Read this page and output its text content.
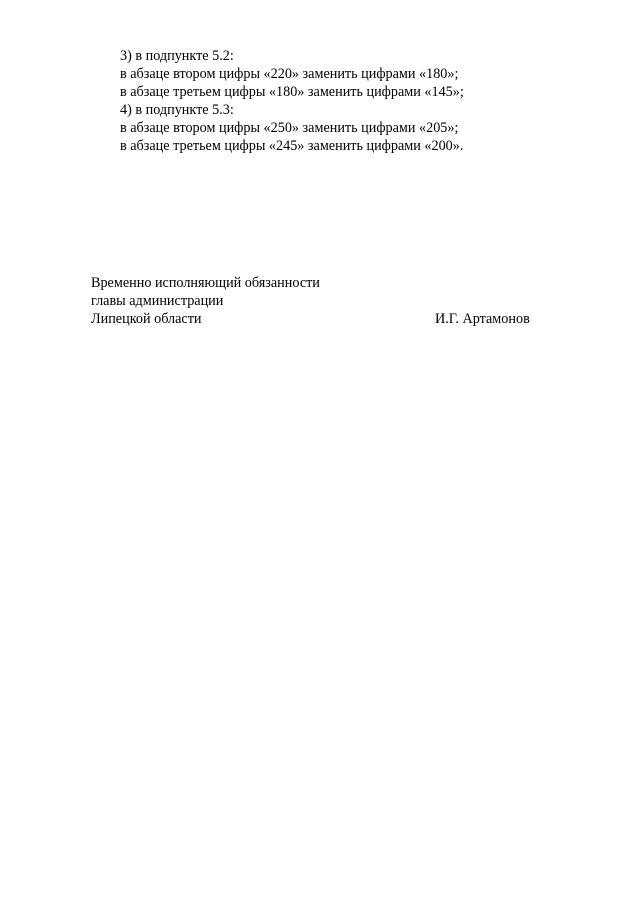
3) в подпункте 5.2:
в абзаце втором цифры «220» заменить цифрами «180»;
в абзаце третьем цифры «180» заменить цифрами «145»;
4) в подпункте 5.3:
в абзаце втором цифры «250» заменить цифрами «205»;
в абзаце третьем цифры «245» заменить цифрами «200».
Временно исполняющий обязанности
главы администрации
Липецкой области	И.Г. Артамонов
